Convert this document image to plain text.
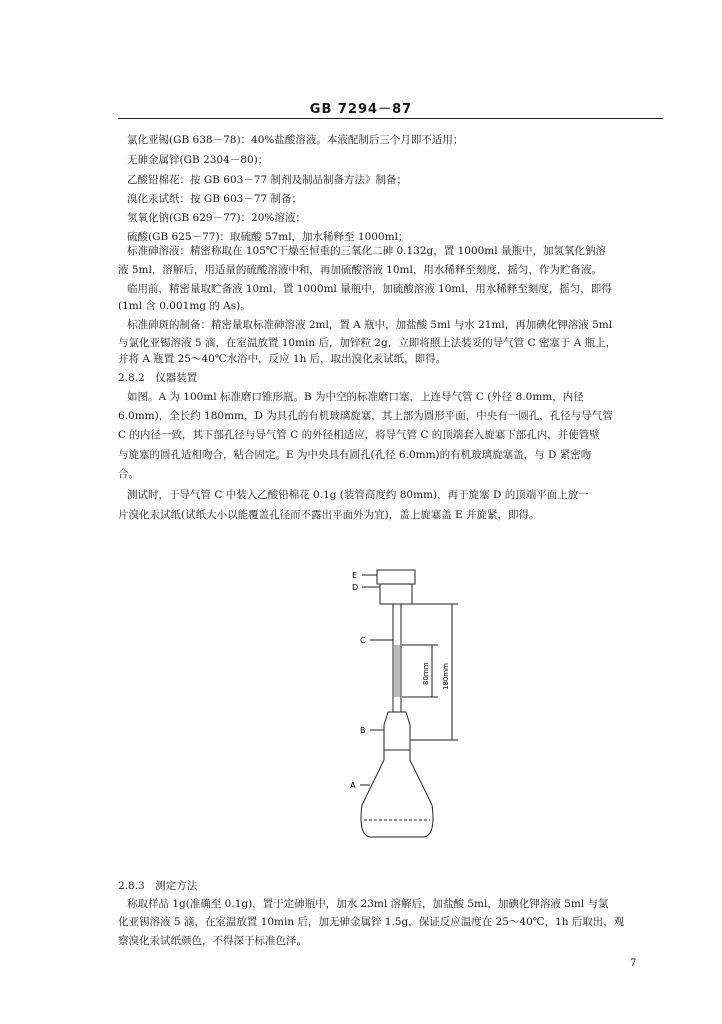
GB 7294－87
氯化亚锡(GB 638－78)：40%盐酸溶液。本液配制后三个月即不适用；
无砷金属锌(GB 2304－80)；
乙酸铅棉花：按 GB 603－77 制剂及制品制备方法》制备；
溴化汞试纸：按 GB 603－77 制备；
氢氧化钠(GB 629－77)：20%溶液；
硫酸(GB 625－77)：取硫酸 57ml，加水稀释至 1000ml；
标准砷溶液：精密称取在 105℃干燥至恒重的三氧化二砷 0.132g，置 1000ml 量瓶中，加氢氧化钠溶
液 5ml，溶解后，用适量的硫酸溶液中和，再加硫酸溶液 10ml，用水稀释至刻度，摇匀，作为贮备液。
临用前，精密量取贮备液 10ml，置 1000ml 量瓶中，加硫酸溶液 10ml，用水稀释至刻度，摇匀，即得
(1ml 含 0.001mg 的 As)。
标准砷斑的制备：精密量取标准砷溶液 2ml，置 A 瓶中，加盐酸 5ml 与水 21ml，再加碘化钾溶液 5ml
与氯化亚锡溶液 5 滴，在室温放置 10min 后，加锌粒 2g，立即将照上法装妥的导气管 C 密塞于 A 瓶上，
并将 A 瓶置 25～40℃水浴中，反应 1h 后，取出溴化汞试纸，即得。
2.8.2　仪器装置
如图。A 为 100ml 标准磨口锥形瓶。B 为中空的标准磨口塞，上连导气管 C (外径 8.0mm，内径
6.0mm)，全长约 180mm，D 为具孔的有机玻璃旋塞，其上部为圆形平面，中央有一圆孔，孔径与导气管
C 的内径一致，其下部孔径与导气管 C 的外径相适应，将导气管 C 的顶端套入旋塞下部孔内，并使管壁
与旋塞的圆孔适相吻合，粘合固定。E 为中央具有圆孔(孔径 6.0mm)的有机玻璃旋塞盖，与 D 紧密吻
合。
测试时，于导气管 C 中装入乙酸铅棉花 0.1g (装管高度约 80mm)，再于旋塞 D 的顶端平面上放一
片溴化汞试纸(试纸大小以能覆盖孔径而不露出平面外为宜)，盖上旋塞盖 E 并旋紧，即得。
E
D
C
B
A
80mm 180mm
2.8.3　测定方法
称取样品 1g(准确至 0.1g)，置于定砷瓶中，加水 23ml 溶解后，加盐酸 5ml，加碘化钾溶液 5ml 与氯
化亚锡溶液 5 滴，在室温放置 10min 后，加无砷金属锌 1.5g，保证反应温度在 25～40℃，1h 后取出，观
察溴化汞试纸颜色，不得深于标准色泽。
7
